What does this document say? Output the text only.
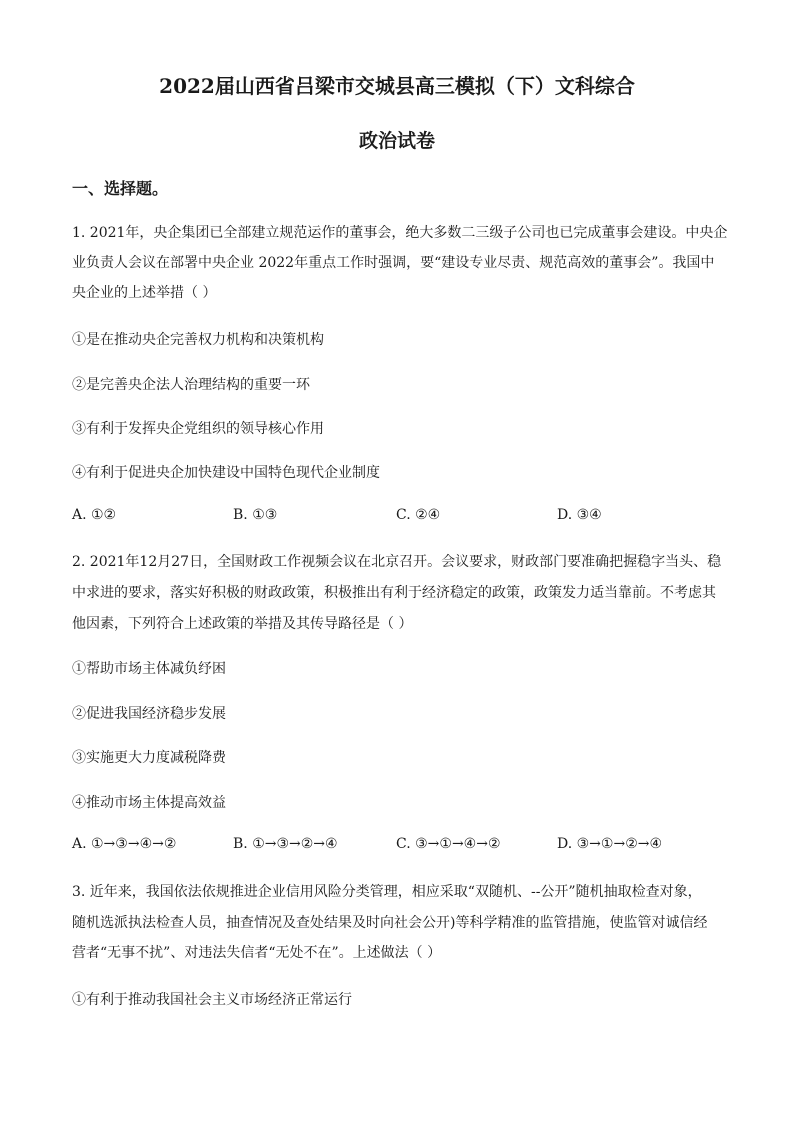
2022届山西省吕梁市交城县高三模拟（下）文科综合
政治试卷
一、选择题。
1. 2021年，央企集团已全部建立规范运作的董事会，绝大多数二三级子公司也已完成董事会建设。中央企
业负责人会议在部署中央企业 2022年重点工作时强调，要“建设专业尽责、规范高效的董事会”。我国中
央企业的上述举措（ ）
①是在推动央企完善权力机构和决策机构
②是完善央企法人治理结构的重要一环
③有利于发挥央企党组织的领导核心作用
④有利于促进央企加快建设中国特色现代企业制度
A. ①②	B. ①③	C. ②④	D. ③④
2. 2021年12月27日，全国财政工作视频会议在北京召开。会议要求，财政部门要准确把握稳字当头、稳
中求进的要求，落实好积极的财政政策，积极推出有利于经济稳定的政策，政策发力适当靠前。不考虑其
他因素，下列符合上述政策的举措及其传导路径是（ ）
①帮助市场主体减负纾困
②促进我国经济稳步发展
③实施更大力度减税降费
④推动市场主体提高效益
A. ①→③→④→②	B. ①→③→②→④	C. ③→①→④→②	D. ③→①→②→④
3. 近年来，我国依法依规推进企业信用风险分类管理，相应采取“双随机、--公开”随机抽取检查对象，
随机选派执法检查人员，抽查情况及查处结果及时向社会公开)等科学精准的监管措施，使监管对诚信经
营者“无事不扰”、对违法失信者“无处不在”。上述做法（ ）
①有利于推动我国社会主义市场经济正常运行
